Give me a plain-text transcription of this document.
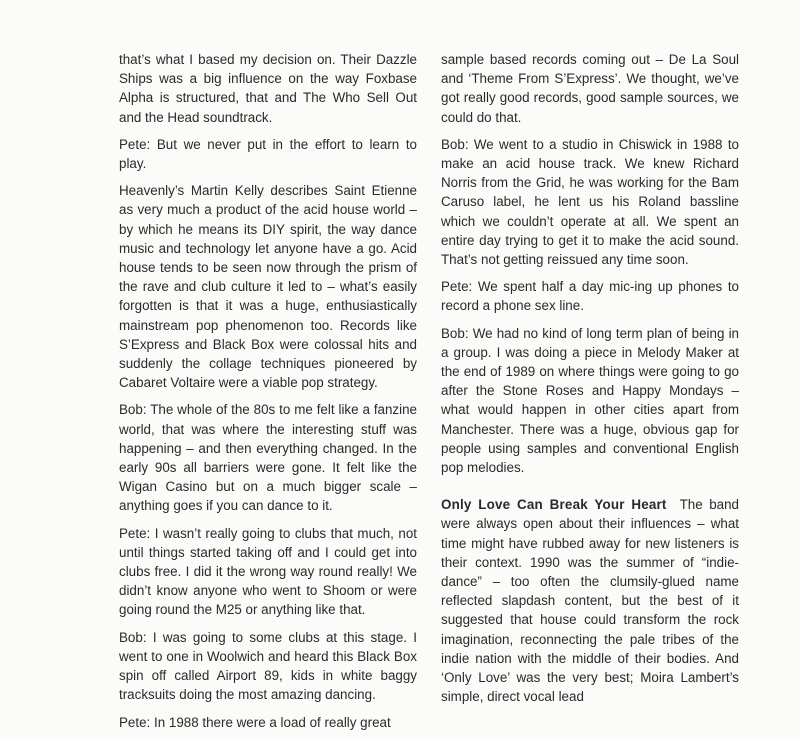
that’s what I based my decision on. Their Dazzle Ships was a big influence on the way Foxbase Alpha is structured, that and The Who Sell Out and the Head soundtrack.

Pete: But we never put in the effort to learn to play.

Heavenly’s Martin Kelly describes Saint Etienne as very much a product of the acid house world – by which he means its DIY spirit, the way dance music and technology let anyone have a go. Acid house tends to be seen now through the prism of the rave and club culture it led to – what’s easily forgotten is that it was a huge, enthusiastically mainstream pop phenomenon too. Records like S’Express and Black Box were colossal hits and suddenly the collage techniques pioneered by Cabaret Voltaire were a viable pop strategy.

Bob: The whole of the 80s to me felt like a fanzine world, that was where the interesting stuff was happening – and then everything changed. In the early 90s all barriers were gone. It felt like the Wigan Casino but on a much bigger scale – anything goes if you can dance to it.

Pete: I wasn’t really going to clubs that much, not until things started taking off and I could get into clubs free. I did it the wrong way round really! We didn’t know anyone who went to Shoom or were going round the M25 or anything like that.

Bob: I was going to some clubs at this stage. I went to one in Woolwich and heard this Black Box spin off called Airport 89, kids in white baggy tracksuits doing the most amazing dancing.

Pete: In 1988 there were a load of really great

sample based records coming out – De La Soul and ‘Theme From S’Express’. We thought, we’ve got really good records, good sample sources, we could do that.

Bob: We went to a studio in Chiswick in 1988 to make an acid house track. We knew Richard Norris from the Grid, he was working for the Bam Caruso label, he lent us his Roland bassline which we couldn’t operate at all. We spent an entire day trying to get it to make the acid sound. That’s not getting reissued any time soon.

Pete: We spent half a day mic-ing up phones to record a phone sex line.

Bob: We had no kind of long term plan of being in a group. I was doing a piece in Melody Maker at the end of 1989 on where things were going to go after the Stone Roses and Happy Mondays – what would happen in other cities apart from Manchester. There was a huge, obvious gap for people using samples and conventional English pop melodies.

Only Love Can Break Your Heart The band were always open about their influences – what time might have rubbed away for new listeners is their context. 1990 was the summer of “indie-dance” – too often the clumsily-glued name reflected slapdash content, but the best of it suggested that house could transform the rock imagination, reconnecting the pale tribes of the indie nation with the middle of their bodies. And ‘Only Love’ was the very best; Moira Lambert’s simple, direct vocal lead
